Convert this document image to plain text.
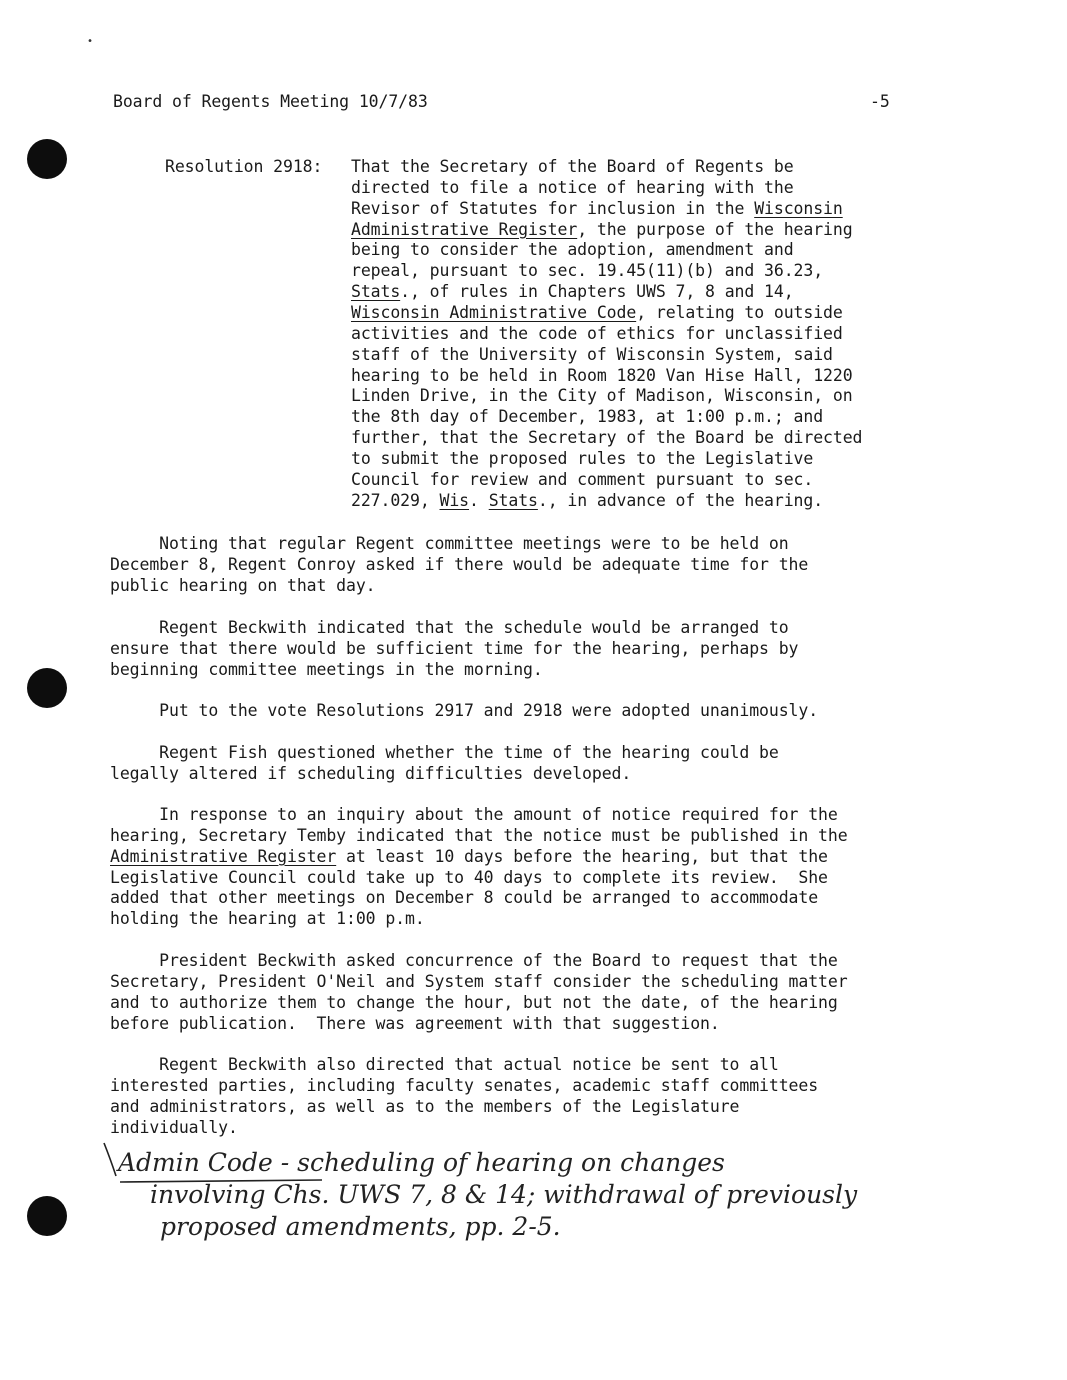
•
Board of Regents Meeting 10/7/83	-5
Resolution 2918: That the Secretary of the Board of Regents be
directed to file a notice of hearing with the
Revisor of Statutes for inclusion in the Wisconsin
Administrative Register, the purpose of the hearing
being to consider the adoption, amendment and
repeal, pursuant to sec. 19.45(11)(b) and 36.23,
Stats., of rules in Chapters UWS 7, 8 and 14,
Wisconsin Administrative Code, relating to outside
activities and the code of ethics for unclassified
staff of the University of Wisconsin System, said
hearing to be held in Room 1820 Van Hise Hall, 1220
Linden Drive, in the City of Madison, Wisconsin, on
the 8th day of December, 1983, at 1:00 p.m.; and
further, that the Secretary of the Board be directed
to submit the proposed rules to the Legislative
Council for review and comment pursuant to sec.
227.029, Wis. Stats., in advance of the hearing.
Noting that regular Regent committee meetings were to be held on
December 8, Regent Conroy asked if there would be adequate time for the
public hearing on that day.
Regent Beckwith indicated that the schedule would be arranged to
ensure that there would be sufficient time for the hearing, perhaps by
beginning committee meetings in the morning.
Put to the vote Resolutions 2917 and 2918 were adopted unanimously.
Regent Fish questioned whether the time of the hearing could be
legally altered if scheduling difficulties developed.
In response to an inquiry about the amount of notice required for the
hearing, Secretary Temby indicated that the notice must be published in the
Administrative Register at least 10 days before the hearing, but that the
Legislative Council could take up to 40 days to complete its review.  She
added that other meetings on December 8 could be arranged to accommodate
holding the hearing at 1:00 p.m.
President Beckwith asked concurrence of the Board to request that the
Secretary, President O'Neil and System staff consider the scheduling matter
and to authorize them to change the hour, but not the date, of the hearing
before publication.  There was agreement with that suggestion.
Regent Beckwith also directed that actual notice be sent to all
interested parties, including faculty senates, academic staff committees
and administrators, as well as to the members of the Legislature
individually.
Admin Code - scheduling of hearing on changes
involving Chs. UWS 7, 8 & 14; withdrawal of previously
proposed amendments, pp. 2-5.
